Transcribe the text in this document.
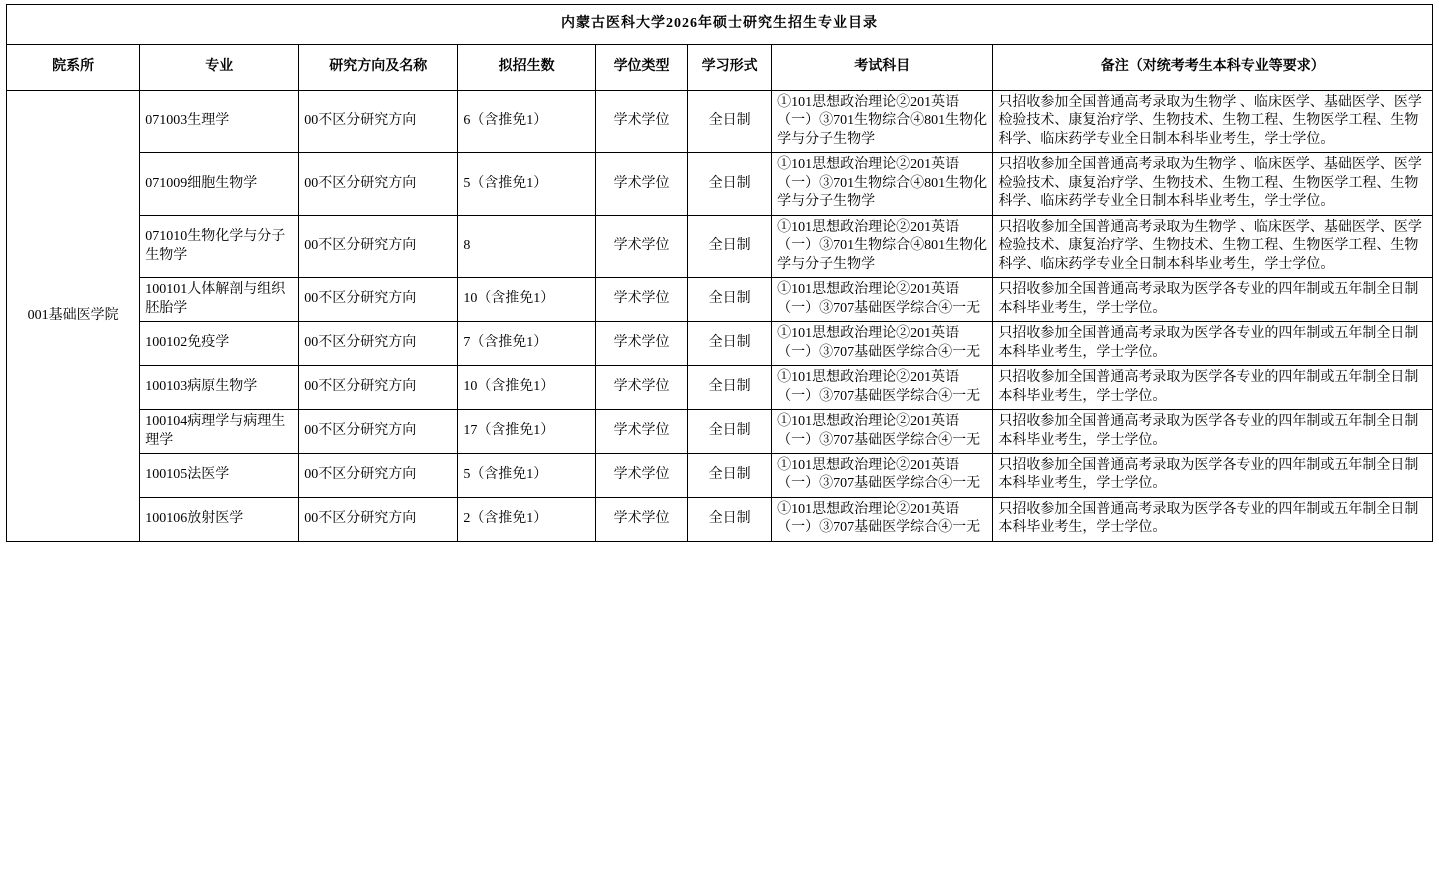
内蒙古医科大学2026年硕士研究生招生专业目录							
院系所	专业	研究方向及名称	拟招生数	学位类型	学习形式	考试科目	备注（对统考考生本科专业等要求）
001基础医学院	071003生理学	00不区分研究方向	6（含推免1）	学术学位	全日制	①101思想政治理论②201英语（一）③701生物综合④801生物化学与分子生物学	只招收参加全国普通高考录取为生物学 、临床医学、基础医学、医学检验技术、康复治疗学、生物技术、生物工程、生物医学工程、生物科学、临床药学专业全日制本科毕业考生，学士学位。
	071009细胞生物学	00不区分研究方向	5（含推免1）	学术学位	全日制	①101思想政治理论②201英语（一）③701生物综合④801生物化学与分子生物学	只招收参加全国普通高考录取为生物学 、临床医学、基础医学、医学检验技术、康复治疗学、生物技术、生物工程、生物医学工程、生物科学、临床药学专业全日制本科毕业考生，学士学位。
	071010生物化学与分子生物学	00不区分研究方向	8	学术学位	全日制	①101思想政治理论②201英语（一）③701生物综合④801生物化学与分子生物学	只招收参加全国普通高考录取为生物学 、临床医学、基础医学、医学检验技术、康复治疗学、生物技术、生物工程、生物医学工程、生物科学、临床药学专业全日制本科毕业考生，学士学位。
	100101人体解剖与组织胚胎学	00不区分研究方向	10（含推免1）	学术学位	全日制	①101思想政治理论②201英语（一）③707基础医学综合④一无	只招收参加全国普通高考录取为医学各专业的四年制或五年制全日制本科毕业考生，学士学位。
	100102免疫学	00不区分研究方向	7（含推免1）	学术学位	全日制	①101思想政治理论②201英语（一）③707基础医学综合④一无	只招收参加全国普通高考录取为医学各专业的四年制或五年制全日制本科毕业考生，学士学位。
	100103病原生物学	00不区分研究方向	10（含推免1）	学术学位	全日制	①101思想政治理论②201英语（一）③707基础医学综合④一无	只招收参加全国普通高考录取为医学各专业的四年制或五年制全日制本科毕业考生，学士学位。
	100104病理学与病理生理学	00不区分研究方向	17（含推免1）	学术学位	全日制	①101思想政治理论②201英语（一）③707基础医学综合④一无	只招收参加全国普通高考录取为医学各专业的四年制或五年制全日制本科毕业考生，学士学位。
	100105法医学	00不区分研究方向	5（含推免1）	学术学位	全日制	①101思想政治理论②201英语（一）③707基础医学综合④一无	只招收参加全国普通高考录取为医学各专业的四年制或五年制全日制本科毕业考生，学士学位。
	100106放射医学	00不区分研究方向	2（含推免1）	学术学位	全日制	①101思想政治理论②201英语（一）③707基础医学综合④一无	只招收参加全国普通高考录取为医学各专业的四年制或五年制全日制本科毕业考生，学士学位。
